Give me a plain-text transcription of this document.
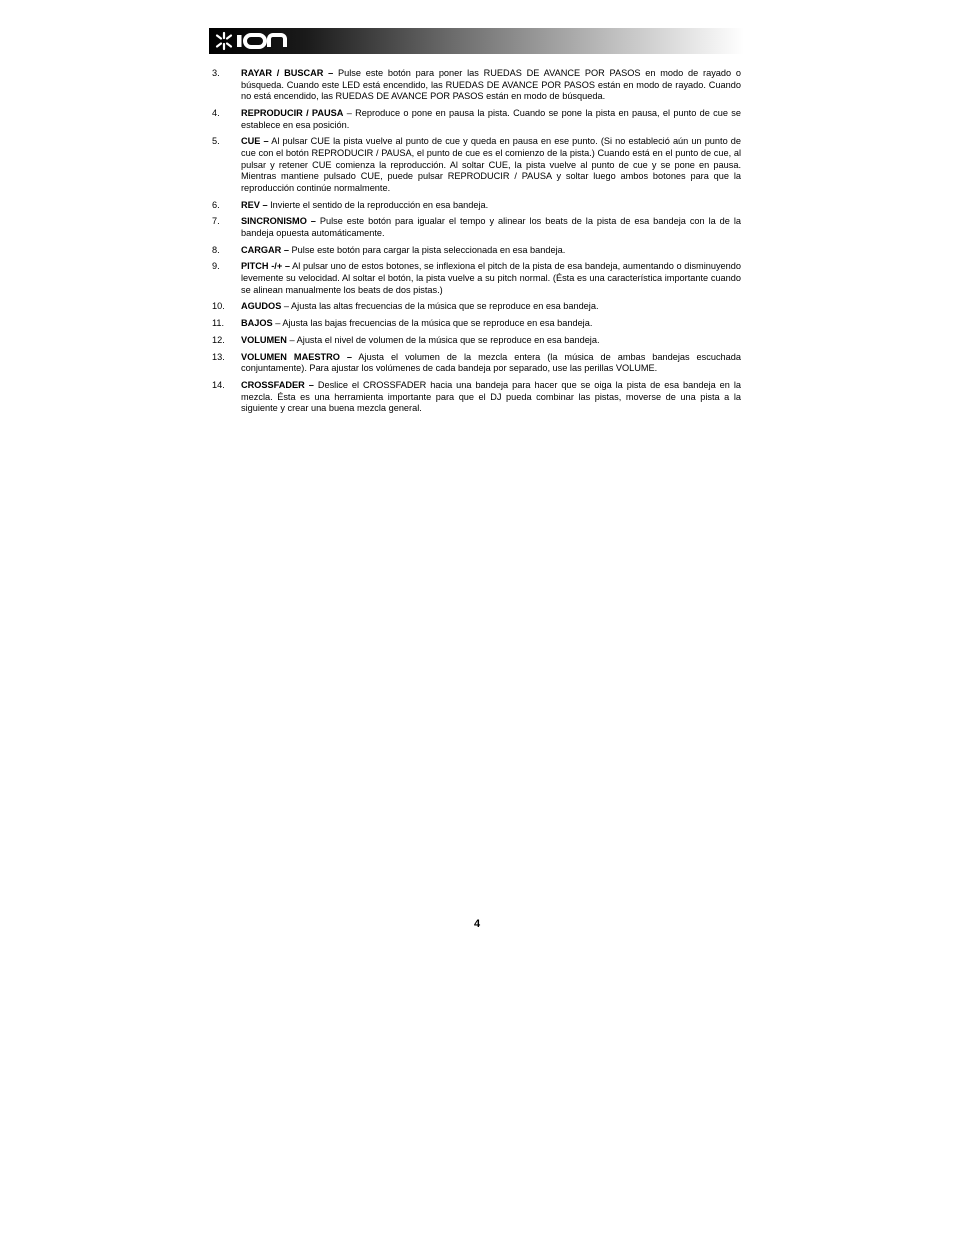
3.	RAYAR / BUSCAR – Pulse este botón para poner las RUEDAS DE AVANCE POR PASOS en modo de rayado o búsqueda. Cuando este LED está encendido, las RUEDAS DE AVANCE POR PASOS están en modo de rayado. Cuando no está encendido, las RUEDAS DE AVANCE POR PASOS están en modo de búsqueda.
4.	REPRODUCIR / PAUSA – Reproduce o pone en pausa la pista. Cuando se pone la pista en pausa, el punto de cue se establece en esa posición.
5.	CUE – Al pulsar CUE la pista vuelve al punto de cue y queda en pausa en ese punto. (Si no estableció aún un punto de cue con el botón REPRODUCIR / PAUSA, el punto de cue es el comienzo de la pista.) Cuando está en el punto de cue, al pulsar y retener CUE comienza la reproducción. Al soltar CUE, la pista vuelve al punto de cue y se pone en pausa. Mientras mantiene pulsado CUE, puede pulsar REPRODUCIR / PAUSA y soltar luego ambos botones para que la reproducción continúe normalmente.
6.	REV – Invierte el sentido de la reproducción en esa bandeja.
7.	SINCRONISMO – Pulse este botón para igualar el tempo y alinear los beats de la pista de esa bandeja con la de la bandeja opuesta automáticamente.
8.	CARGAR – Pulse este botón para cargar la pista seleccionada en esa bandeja.
9.	PITCH -/+ – Al pulsar uno de estos botones, se inflexiona el pitch de la pista de esa bandeja, aumentando o disminuyendo levemente su velocidad. Al soltar el botón, la pista vuelve a su pitch normal. (Ésta es una característica importante cuando se alinean manualmente los beats de dos pistas.)
10.	AGUDOS – Ajusta las altas frecuencias de la música que se reproduce en esa bandeja.
11.	BAJOS – Ajusta las bajas frecuencias de la música que se reproduce en esa bandeja.
12.	VOLUMEN – Ajusta el nivel de volumen de la música que se reproduce en esa bandeja.
13.	VOLUMEN MAESTRO – Ajusta el volumen de la mezcla entera (la música de ambas bandejas escuchada conjuntamente). Para ajustar los volúmenes de cada bandeja por separado, use las perillas VOLUME.
14.	CROSSFADER – Deslice el CROSSFADER hacia una bandeja para hacer que se oiga la pista de esa bandeja en la mezcla. Ésta es una herramienta importante para que el DJ pueda combinar las pistas, moverse de una pista a la siguiente y crear una buena mezcla general.
4
